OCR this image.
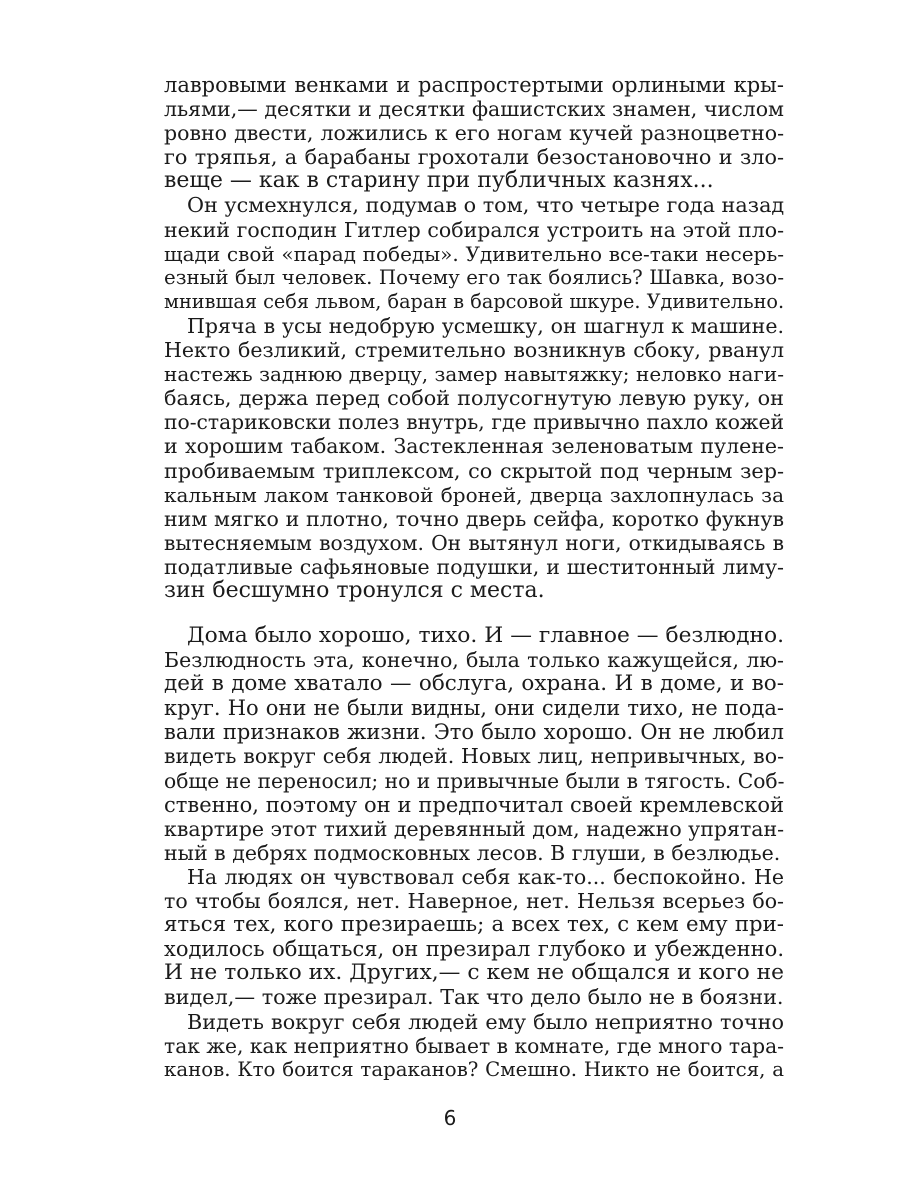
лавровыми венками и распростертыми орлиными кры-
льями,— десятки и десятки фашистских знамен, числом
ровно двести, ложились к его ногам кучей разноцветно-
го тряпья, а барабаны грохотали безостановочно и зло-
веще — как в старину при публичных казнях...
Он усмехнулся, подумав о том, что четыре года назад
некий господин Гитлер собирался устроить на этой пло-
щади свой «парад победы». Удивительно все-таки несерь-
езный был человек. Почему его так боялись? Шавка, возо-
мнившая себя львом, баран в барсовой шкуре. Удивительно.
Пряча в усы недобрую усмешку, он шагнул к машине.
Некто безликий, стремительно возникнув сбоку, рванул
настежь заднюю дверцу, замер навытяжку; неловко наги-
баясь, держа перед собой полусогнутую левую руку, он
по-стариковски полез внутрь, где привычно пахло кожей
и хорошим табаком. Застекленная зеленоватым пулене-
пробиваемым триплексом, со скрытой под черным зер-
кальным лаком танковой броней, дверца захлопнулась за
ним мягко и плотно, точно дверь сейфа, коротко фукнув
вытесняемым воздухом. Он вытянул ноги, откидываясь в
податливые сафьяновые подушки, и шеститонный лиму-
зин бесшумно тронулся с места.
Дома было хорошо, тихо. И — главное — безлюдно.
Безлюдность эта, конечно, была только кажущейся, лю-
дей в доме хватало — обслуга, охрана. И в доме, и во-
круг. Но они не были видны, они сидели тихо, не пода-
вали признаков жизни. Это было хорошо. Он не любил
видеть вокруг себя людей. Новых лиц, непривычных, во-
обще не переносил; но и привычные были в тягость. Соб-
ственно, поэтому он и предпочитал своей кремлевской
квартире этот тихий деревянный дом, надежно упрятан-
ный в дебрях подмосковных лесов. В глуши, в безлюдье.
На людях он чувствовал себя как-то... беспокойно. Не
то чтобы боялся, нет. Наверное, нет. Нельзя всерьез бо-
яться тех, кого презираешь; а всех тех, с кем ему при-
ходилось общаться, он презирал глубоко и убежденно.
И не только их. Других,— с кем не общался и кого не
видел,— тоже презирал. Так что дело было не в боязни.
Видеть вокруг себя людей ему было неприятно точно
так же, как неприятно бывает в комнате, где много тара-
канов. Кто боится тараканов? Смешно. Никто не боится, а
6
